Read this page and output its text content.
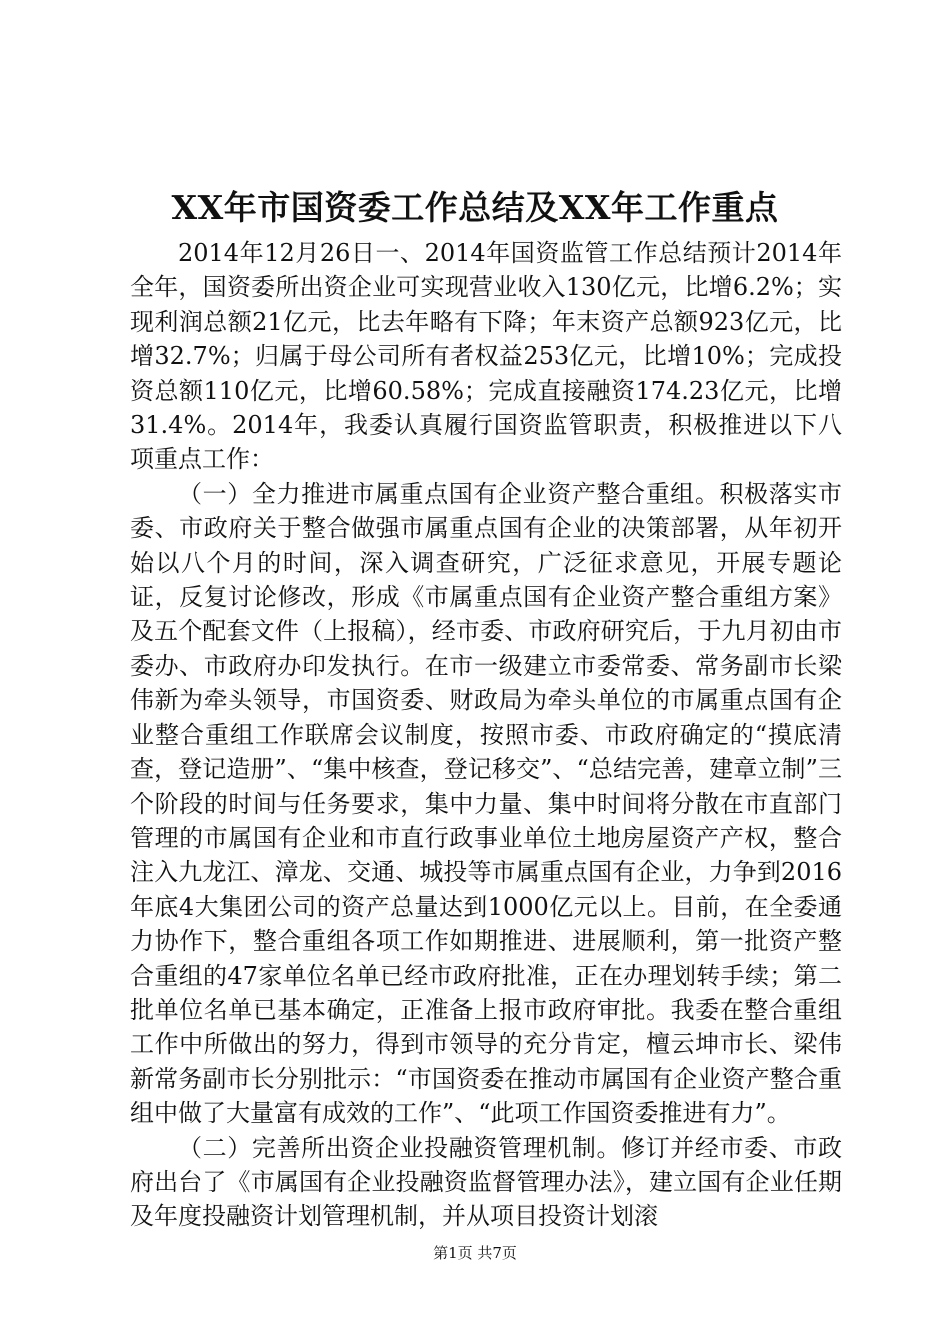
XX年市国资委工作总结及XX年工作重点

2014年12月26日一、2014年国资监管工作总结预计2014年全年，国资委所出资企业可实现营业收入130亿元，比增6.2%；实现利润总额21亿元，比去年略有下降；年末资产总额923亿元，比增32.7%；归属于母公司所有者权益253亿元，比增10%；完成投资总额110亿元，比增60.58%；完成直接融资174.23亿元，比增31.4%。2014年，我委认真履行国资监管职责，积极推进以下八项重点工作：

（一）全力推进市属重点国有企业资产整合重组。积极落实市委、市政府关于整合做强市属重点国有企业的决策部署，从年初开始以八个月的时间，深入调查研究，广泛征求意见，开展专题论证，反复讨论修改，形成《市属重点国有企业资产整合重组方案》及五个配套文件（上报稿），经市委、市政府研究后，于九月初由市委办、市政府办印发执行。在市一级建立市委常委、常务副市长梁伟新为牵头领导，市国资委、财政局为牵头单位的市属重点国有企业整合重组工作联席会议制度，按照市委、市政府确定的“摸底清查，登记造册”、“集中核查，登记移交”、“总结完善，建章立制”三个阶段的时间与任务要求，集中力量、集中时间将分散在市直部门管理的市属国有企业和市直行政事业单位土地房屋资产产权，整合注入九龙江、漳龙、交通、城投等市属重点国有企业，力争到2016年底4大集团公司的资产总量达到1000亿元以上。目前，在全委通力协作下，整合重组各项工作如期推进、进展顺利，第一批资产整合重组的47家单位名单已经市政府批准，正在办理划转手续；第二批单位名单已基本确定，正准备上报市政府审批。我委在整合重组工作中所做出的努力，得到市领导的充分肯定，檀云坤市长、梁伟新常务副市长分别批示：“市国资委在推动市属国有企业资产整合重组中做了大量富有成效的工作”、“此项工作国资委推进有力”。

（二）完善所出资企业投融资管理机制。修订并经市委、市政府出台了《市属国有企业投融资监督管理办法》，建立国有企业任期及年度投融资计划管理机制，并从项目投资计划滚

第1页 共7页
